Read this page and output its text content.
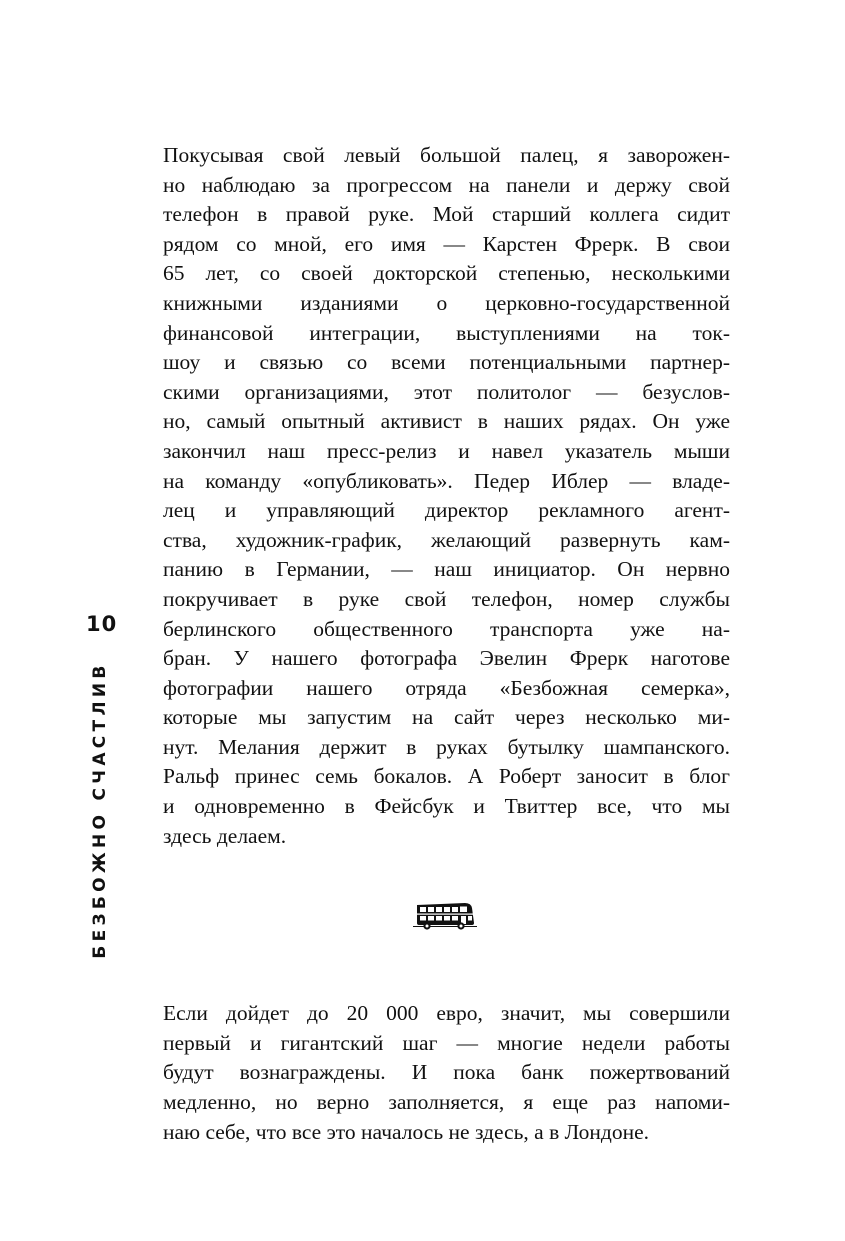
10
БЕЗБОЖНО СЧАСТЛИВ
Покусывая свой левый большой палец, я заворожен-
но наблюдаю за прогрессом на панели и держу свой
телефон в правой руке. Мой старший коллега сидит
рядом со мной, его имя — Карстен Фрерк. В свои
65 лет, со своей докторской степенью, несколькими
книжными изданиями о церковно-государственной
финансовой интеграции, выступлениями на ток-
шоу и связью со всеми потенциальными партнер-
скими организациями, этот политолог — безуслов-
но, самый опытный активист в наших рядах. Он уже
закончил наш пресс-релиз и навел указатель мыши
на команду «опубликовать». Педер Иблер — владе-
лец и управляющий директор рекламного агент-
ства, художник-график, желающий развернуть кам-
панию в Германии, — наш инициатор. Он нервно
покручивает в руке свой телефон, номер службы
берлинского общественного транспорта уже на-
бран. У нашего фотографа Эвелин Фрерк наготове
фотографии нашего отряда «Безбожная семерка»,
которые мы запустим на сайт через несколько ми-
нут. Мелания держит в руках бутылку шампанского.
Ральф принес семь бокалов. А Роберт заносит в блог
и одновременно в Фейсбук и Твиттер все, что мы
здесь делаем.
Если дойдет до 20 000 евро, значит, мы совершили
первый и гигантский шаг — многие недели работы
будут вознаграждены. И пока банк пожертвований
медленно, но верно заполняется, я еще раз напоми-
наю себе, что все это началось не здесь, а в Лондоне.
